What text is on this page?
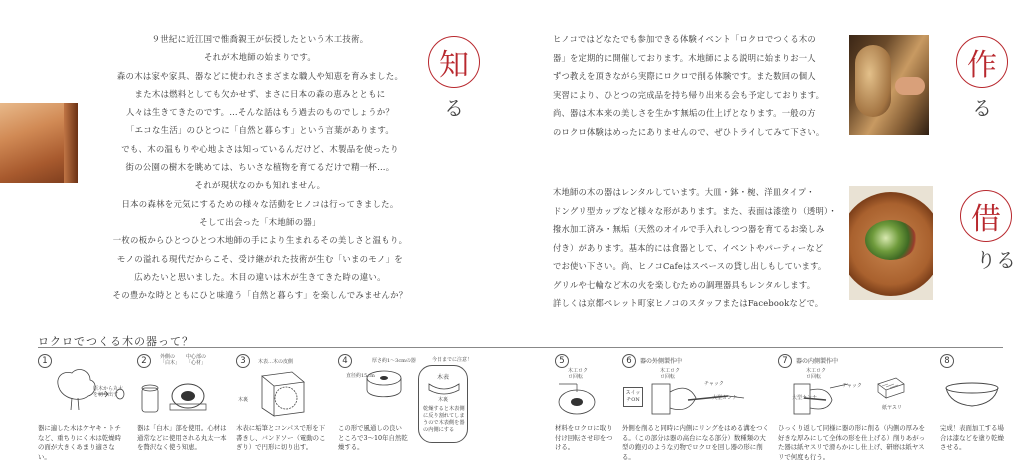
９世紀に近江国で惟喬親王が伝授したという木工技術。

それが木地師の始まりです。

森の木は家や家具、器などに使われさまざまな職人や知恵を育みました。

また木は燃料としても欠かせず、まさに日本の森の恵みとともに

人々は生きてきたのです。…そんな話はもう過去のものでしょうか？

「エコな生活」のひとつに「自然と暮らす」という言葉があります。

でも、木の温もりや心地よさは知っているんだけど、木製品を使ったり

街の公園の樹木を眺めては、ちいさな植物を育てるだけで精一杯…。

それが現状なのかも知れません。

日本の森林を元気にするための様々な活動をヒノコは行ってきました。

そして出会った「木地師の器」

一枚の板からひとつひとつ木地師の手により生まれるその美しさと温もり。

モノの溢れる現代だからこそ、受け継がれた技術が生む「いまのモノ」を

広めたいと思いました。木目の違いは木が生きてきた時の違い。

その豊かな時とともにひと味違う「自然と暮らす」を楽しんでみませんか？

知
る

ヒノコではどなたでも参加できる体験イベント「ロクロでつくる木の

器」を定期的に開催しております。木地師による説明に始まりお一人

ずつ教えを頂きながら実際にロクロで削る体験です。また数回の個人

実習により、ひとつの完成品を持ち帰り出来る会も予定しております。

尚、器は木本来の美しさを生かす無垢の仕上げとなります。一般の方

のロクロ体験はめったにありませんので、ぜひトライしてみて下さい。

作
る

木地師の木の器はレンタルしています。大皿・鉢・椀、洋皿タイプ・

ドングリ型カップなど様々な形があります。また、表面は漆塗り（透明）・

撥水加工済み・無垢（天然のオイルで手入れしつつ器を育てるお楽しみ

付き）があります。基本的には食器として、イベントやパーティーなど

でお使い下さい。尚、ヒノコCafeはスペースの貸し出しもしています。

グリルや七輪など木の火を楽しむための調理器具もレンタルします。

詳しくは京都ペレット町家ヒノコのスタッフまたはFacebookなどで。

借
りる
ロクロでつくる木の器って？
1
原木から丸太を切り出す
器に適した木はケヤキ・トチなど、重ちりにく木は乾燥時の面が大きくあまり適さない。
2	外側の「白木」
中心部の「心材」
器は「白木」部を使用。心材は通常などに使用される丸太一本を贅沢なく使う知恵。
3	木表…木の皮側
木裏
木表に垢筆とコンパスで形を下書きし、バンドソー（電動のこぎり）で円形に切り出す。
4	厚さ約1〜3cmの器
直径約15cm
この形で風通しの良いところで3〜10年自然乾燥する。
今日までに注意！
木表
木裏
乾燥すると木表側に反り割れてしまうので木表側を器の内側にする
5
木工ロクロ回転
材料をロクロに取り付け回転させ印をつける。
6	器の外側製作中
木工ロクロ回転
スイッチON
チャック
大型カンナ
外側を削ると同時に内側にリングをはめる溝をつくる。（この部分は器の高台になる部分）数種類の大型の鉋刃のような刃物でロクロを回し器の形に削る。
7	器の内側製作中
木工ロクロ回転
チャック
大型カンナ
紙ヤスリ
ひっくり返して同様に器の形に削る（内側の厚みを好きな厚みにして全体の形を仕上げる）削りあがった器は紙ヤスリで滑らかにし仕上げ、研磨は紙ヤスリで何度も行う。
8
完成！表面加工する場合は漆などを塗り乾燥させる。
